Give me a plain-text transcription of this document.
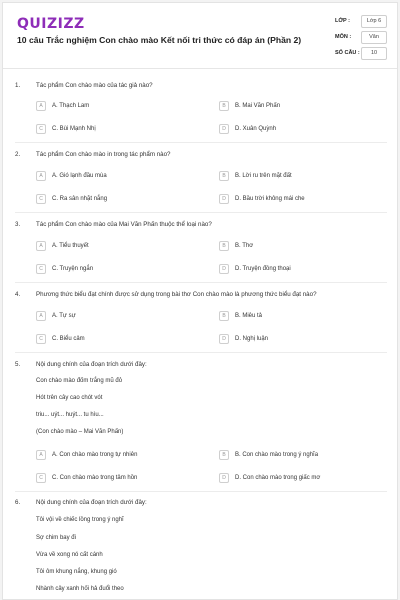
QUIZIZZ
10 câu Trắc nghiệm Con chào mào Kết nối tri thức có đáp án (Phần 2)
LỚP :	Lớp 6
MÔN :	Văn
SỐ CÂU :	10
1.	Tác phẩm Con chào mào của tác giả nào?
A	A. Thạch Lam	B	B. Mai Văn Phấn
C	C. Bùi Mạnh Nhị	D	D. Xuân Quỳnh
2.	Tác phẩm Con chào mào in trong tác phẩm nào?
A	A. Gió lạnh đầu mùa	B	B. Lời ru trên mặt đất
C	C. Ra sân nhặt nắng	D	D. Bầu trời không mái che
3.	Tác phẩm Con chào mào của Mai Văn Phấn thuộc thể loại nào?
A	A. Tiểu thuyết	B	B. Thơ
C	C. Truyện ngắn	D	D. Truyện đồng thoại
4.	Phương thức biểu đạt chính được sử dụng trong bài thơ Con chào mào là phương thức biểu đạt nào?
A	A. Tự sự	B	B. Miêu tả
C	C. Biểu cảm	D	D. Nghị luận
5.	Nội dung chính của đoạn trích dưới đây:
Con chào mào đốm trắng mũ đỏ
Hót trên cây cao chót vót
triu... uýt... huýt... tu hìu...
(Con chào mào – Mai Văn Phấn)
A	A. Con chào mào trong tự nhiên	B	B. Con chào mào trong ý nghĩa
C	C. Con chào mào trong tâm hồn	D	D. Con chào mào trong giấc mơ
6.	Nội dung chính của đoạn trích dưới đây:
Tôi vội về chiếc lồng trong ý nghĩ
Sợ chim bay đi
Vừa về xong nó cất cánh
Tôi ôm khung nắng, khung gió
Nhành cây xanh hối hả đuổi theo
